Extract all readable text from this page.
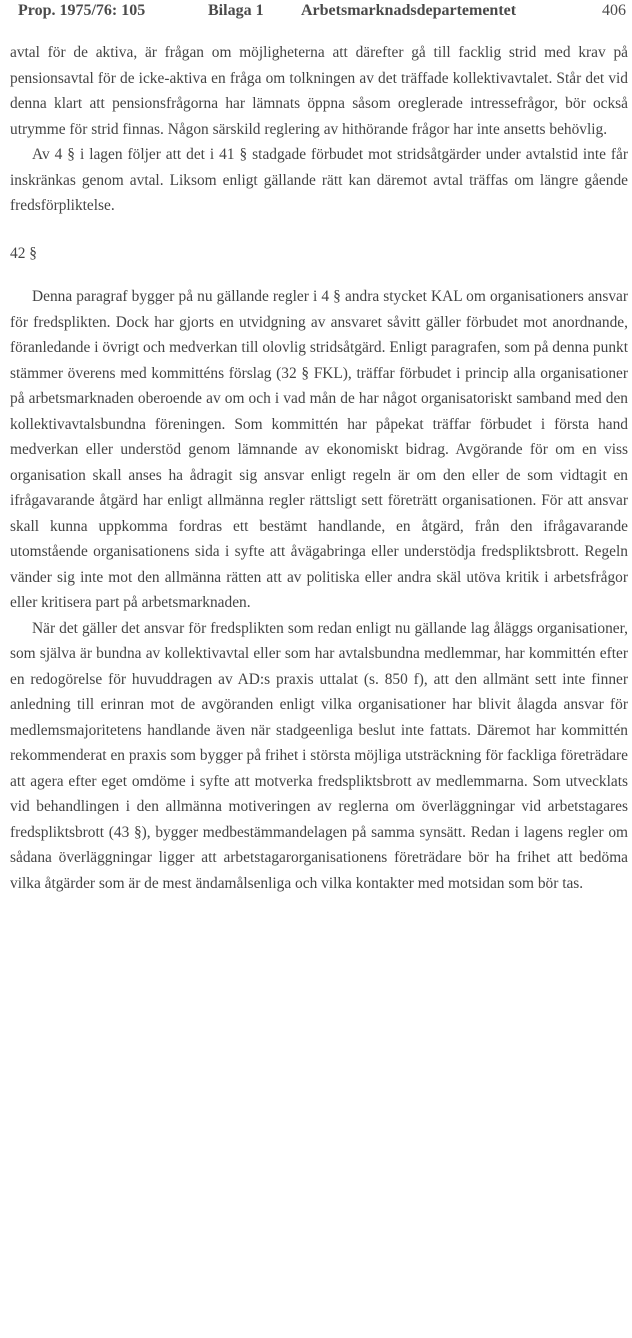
Prop. 1975/76: 105	Bilaga 1 Arbetsmarknadsdepartementet	406

avtal för de aktiva, är frågan om möjligheterna att därefter gå till facklig strid med krav på pensionsavtal för de icke-aktiva en fråga om tolkningen av det träffade kollektivavtalet. Står det vid denna klart att pensionsfrågorna har lämnats öppna såsom oreglerade intressefrågor, bör också utrymme för strid finnas. Någon särskild reglering av hithörande frågor har inte ansetts behövlig.

Av 4 § i lagen följer att det i 41 § stadgade förbudet mot stridsåtgärder under avtalstid inte får inskränkas genom avtal. Liksom enligt gällande rätt kan däremot avtal träffas om längre gående fredsförpliktelse.

42 §

Denna paragraf bygger på nu gällande regler i 4 § andra stycket KAL om organisationers ansvar för fredsplikten. Dock har gjorts en utvidgning av ansvaret såvitt gäller förbudet mot anordnande, föranledande i övrigt och medverkan till olovlig stridsåtgärd. Enligt paragrafen, som på denna punkt stämmer överens med kommitténs förslag (32 § FKL), träffar förbudet i princip alla organisationer på arbetsmarknaden oberoende av om och i vad mån de har något organisatoriskt samband med den kollektivavtalsbundna föreningen. Som kommittén har påpekat träffar förbudet i första hand medverkan eller understöd genom lämnande av ekonomiskt bidrag. Avgörande för om en viss organisation skall anses ha ådragit sig ansvar enligt regeln är om den eller de som vidtagit en ifrågavarande åtgärd har enligt allmänna regler rättsligt sett företrätt organisationen. För att ansvar skall kunna uppkomma fordras ett bestämt handlande, en åtgärd, från den ifrågavarande utomstående organisationens sida i syfte att åvägabringa eller understödja fredspliktsbrott. Regeln vänder sig inte mot den allmänna rätten att av politiska eller andra skäl utöva kritik i arbetsfrågor eller kritisera part på arbetsmarknaden.

När det gäller det ansvar för fredsplikten som redan enligt nu gällande lag åläggs organisationer, som själva är bundna av kollektivavtal eller som har avtalsbundna medlemmar, har kommittén efter en redogörelse för huvuddragen av AD:s praxis uttalat (s. 850 f), att den allmänt sett inte finner anledning till erinran mot de avgöranden enligt vilka organisationer har blivit ålagda ansvar för medlemsmajoritetens handlande även när stadgeenliga beslut inte fattats. Däremot har kommittén rekommenderat en praxis som bygger på frihet i största möjliga utsträckning för fackliga företrädare att agera efter eget omdöme i syfte att motverka fredspliktsbrott av medlemmarna. Som utvecklats vid behandlingen i den allmänna motiveringen av reglerna om överläggningar vid arbetstagares fredspliktsbrott (43 §), bygger medbestämmandelagen på samma synsätt. Redan i lagens regler om sådana överläggningar ligger att arbetstagarorganisationens företrädare bör ha frihet att bedöma vilka åtgärder som är de mest ändamålsenliga och vilka kontakter med motsidan som bör tas.
